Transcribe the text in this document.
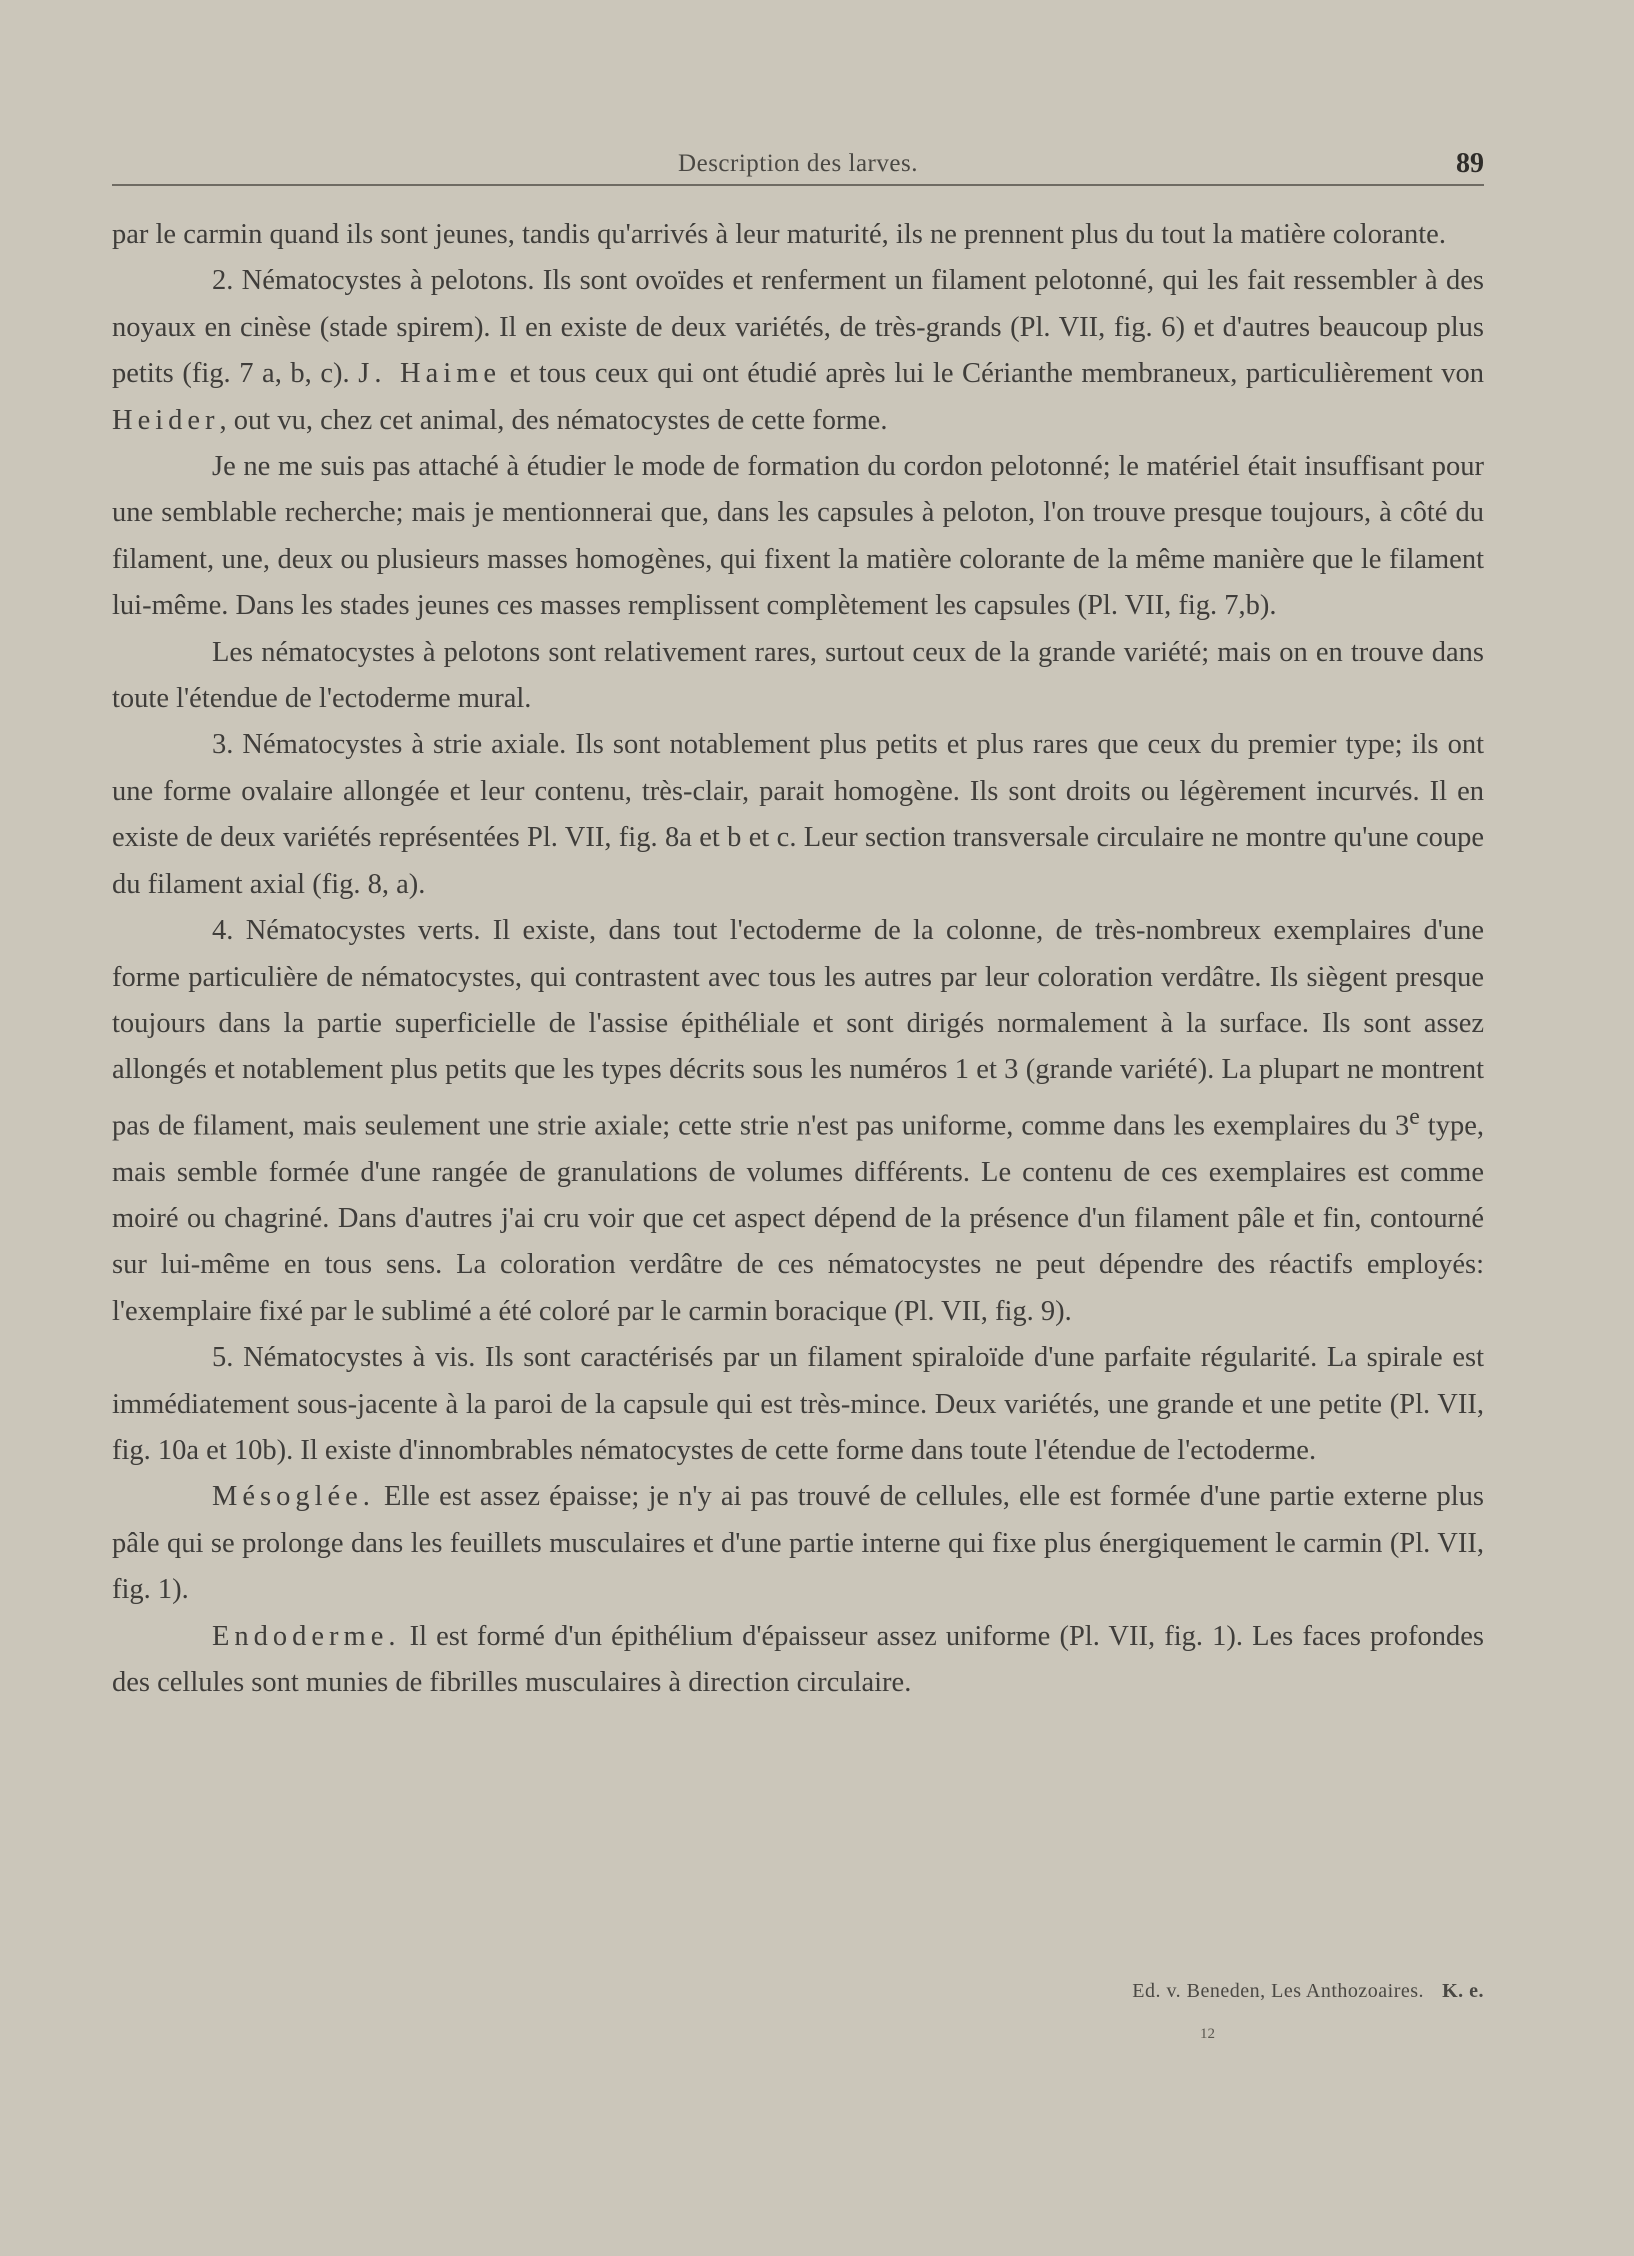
Description des larves.	89

par le carmin quand ils sont jeunes, tandis qu'arrivés à leur maturité, ils ne prennent plus du tout la matière colorante.

2. Nématocystes à pelotons. Ils sont ovoïdes et renferment un filament pelotonné, qui les fait ressembler à des noyaux en cinèse (stade spirem). Il en existe de deux variétés, de très-grands (Pl. VII, fig. 6) et d'autres beaucoup plus petits (fig. 7 a, b, c). J. Haime et tous ceux qui ont étudié après lui le Cérianthe membraneux, particulièrement von Heider, out vu, chez cet animal, des nématocystes de cette forme.

Je ne me suis pas attaché à étudier le mode de formation du cordon pelotonné; le matériel était insuffisant pour une semblable recherche; mais je mentionnerai que, dans les capsules à peloton, l'on trouve presque toujours, à côté du filament, une, deux ou plusieurs masses homogènes, qui fixent la matière colorante de la même manière que le filament lui-même. Dans les stades jeunes ces masses remplissent complètement les capsules (Pl. VII, fig. 7,b).

Les nématocystes à pelotons sont relativement rares, surtout ceux de la grande variété; mais on en trouve dans toute l'étendue de l'ectoderme mural.

3. Nématocystes à strie axiale. Ils sont notablement plus petits et plus rares que ceux du premier type; ils ont une forme ovalaire allongée et leur contenu, très-clair, parait homogène. Ils sont droits ou légèrement incurvés. Il en existe de deux variétés représentées Pl. VII, fig. 8a et b et c. Leur section transversale circulaire ne montre qu'une coupe du filament axial (fig. 8, a).

4. Nématocystes verts. Il existe, dans tout l'ectoderme de la colonne, de très-nombreux exemplaires d'une forme particulière de nématocystes, qui contrastent avec tous les autres par leur coloration verdâtre. Ils siègent presque toujours dans la partie superficielle de l'assise épithéliale et sont dirigés normalement à la surface. Ils sont assez allongés et notablement plus petits que les types décrits sous les numéros 1 et 3 (grande variété). La plupart ne montrent pas de filament, mais seulement une strie axiale; cette strie n'est pas uniforme, comme dans les exemplaires du 3e type, mais semble formée d'une rangée de granulations de volumes différents. Le contenu de ces exemplaires est comme moiré ou chagriné. Dans d'autres j'ai cru voir que cet aspect dépend de la présence d'un filament pâle et fin, contourné sur lui-même en tous sens. La coloration verdâtre de ces nématocystes ne peut dépendre des réactifs employés: l'exemplaire fixé par le sublimé a été coloré par le carmin boracique (Pl. VII, fig. 9).

5. Nématocystes à vis. Ils sont caractérisés par un filament spiraloïde d'une parfaite régularité. La spirale est immédiatement sous-jacente à la paroi de la capsule qui est très-mince. Deux variétés, une grande et une petite (Pl. VII, fig. 10a et 10b). Il existe d'innombrables nématocystes de cette forme dans toute l'étendue de l'ectoderme.

Mésoglée. Elle est assez épaisse; je n'y ai pas trouvé de cellules, elle est formée d'une partie externe plus pâle qui se prolonge dans les feuillets musculaires et d'une partie interne qui fixe plus énergiquement le carmin (Pl. VII, fig. 1).

Endoderme. Il est formé d'un épithélium d'épaisseur assez uniforme (Pl. VII, fig. 1). Les faces profondes des cellules sont munies de fibrilles musculaires à direction circulaire.

Ed. v. Beneden, Les Anthozoaires. K. e.
12
